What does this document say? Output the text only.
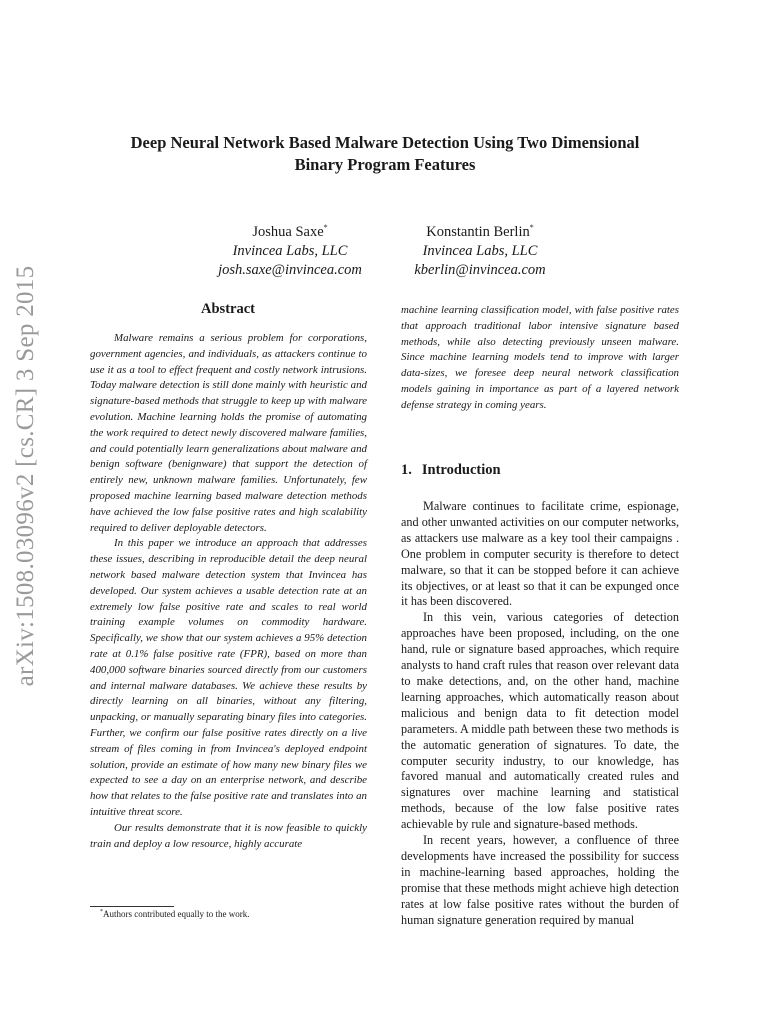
arXiv:1508.03096v2 [cs.CR] 3 Sep 2015
Deep Neural Network Based Malware Detection Using Two Dimensional
Binary Program Features
Joshua Saxe*
Invincea Labs, LLC
josh.saxe@invincea.com
Konstantin Berlin*
Invincea Labs, LLC
kberlin@invincea.com
Abstract

Malware remains a serious problem for corporations, government agencies, and individuals, as attackers continue to use it as a tool to effect frequent and costly network intrusions. Today malware detection is still done mainly with heuristic and signature-based methods that struggle to keep up with malware evolution. Machine learning holds the promise of automating the work required to detect newly discovered malware families, and could potentially learn generalizations about malware and benign software (benignware) that support the detection of entirely new, unknown malware families. Unfortunately, few proposed machine learning based malware detection methods have achieved the low false positive rates and high scalability required to deliver deployable detectors.

In this paper we introduce an approach that addresses these issues, describing in reproducible detail the deep neural network based malware detection system that Invincea has developed. Our system achieves a usable detection rate at an extremely low false positive rate and scales to real world training example volumes on commodity hardware. Specifically, we show that our system achieves a 95% detection rate at 0.1% false positive rate (FPR), based on more than 400,000 software binaries sourced directly from our customers and internal malware databases. We achieve these results by directly learning on all binaries, without any filtering, unpacking, or manually separating binary files into categories. Further, we confirm our false positive rates directly on a live stream of files coming in from Invincea's deployed endpoint solution, provide an estimate of how many new binary files we expected to see a day on an enterprise network, and describe how that relates to the false positive rate and translates into an intuitive threat score.

Our results demonstrate that it is now feasible to quickly train and deploy a low resource, highly accurate

*Authors contributed equally to the work.

machine learning classification model, with false positive rates that approach traditional labor intensive signature based methods, while also detecting previously unseen malware. Since machine learning models tend to improve with larger data-sizes, we foresee deep neural network classification models gaining in importance as part of a layered network defense strategy in coming years.

1. Introduction

Malware continues to facilitate crime, espionage, and other unwanted activities on our computer networks, as attackers use malware as a key tool their campaigns . One problem in computer security is therefore to detect malware, so that it can be stopped before it can achieve its objectives, or at least so that it can be expunged once it has been discovered.

In this vein, various categories of detection approaches have been proposed, including, on the one hand, rule or signature based approaches, which require analysts to hand craft rules that reason over relevant data to make detections, and, on the other hand, machine learning approaches, which automatically reason about malicious and benign data to fit detection model parameters. A middle path between these two methods is the automatic generation of signatures. To date, the computer security industry, to our knowledge, has favored manual and automatically created rules and signatures over machine learning and statistical methods, because of the low false positive rates achievable by rule and signature-based methods.

In recent years, however, a confluence of three developments have increased the possibility for success in machine-learning based approaches, holding the promise that these methods might achieve high detection rates at low false positive rates without the burden of human signature generation required by manual
